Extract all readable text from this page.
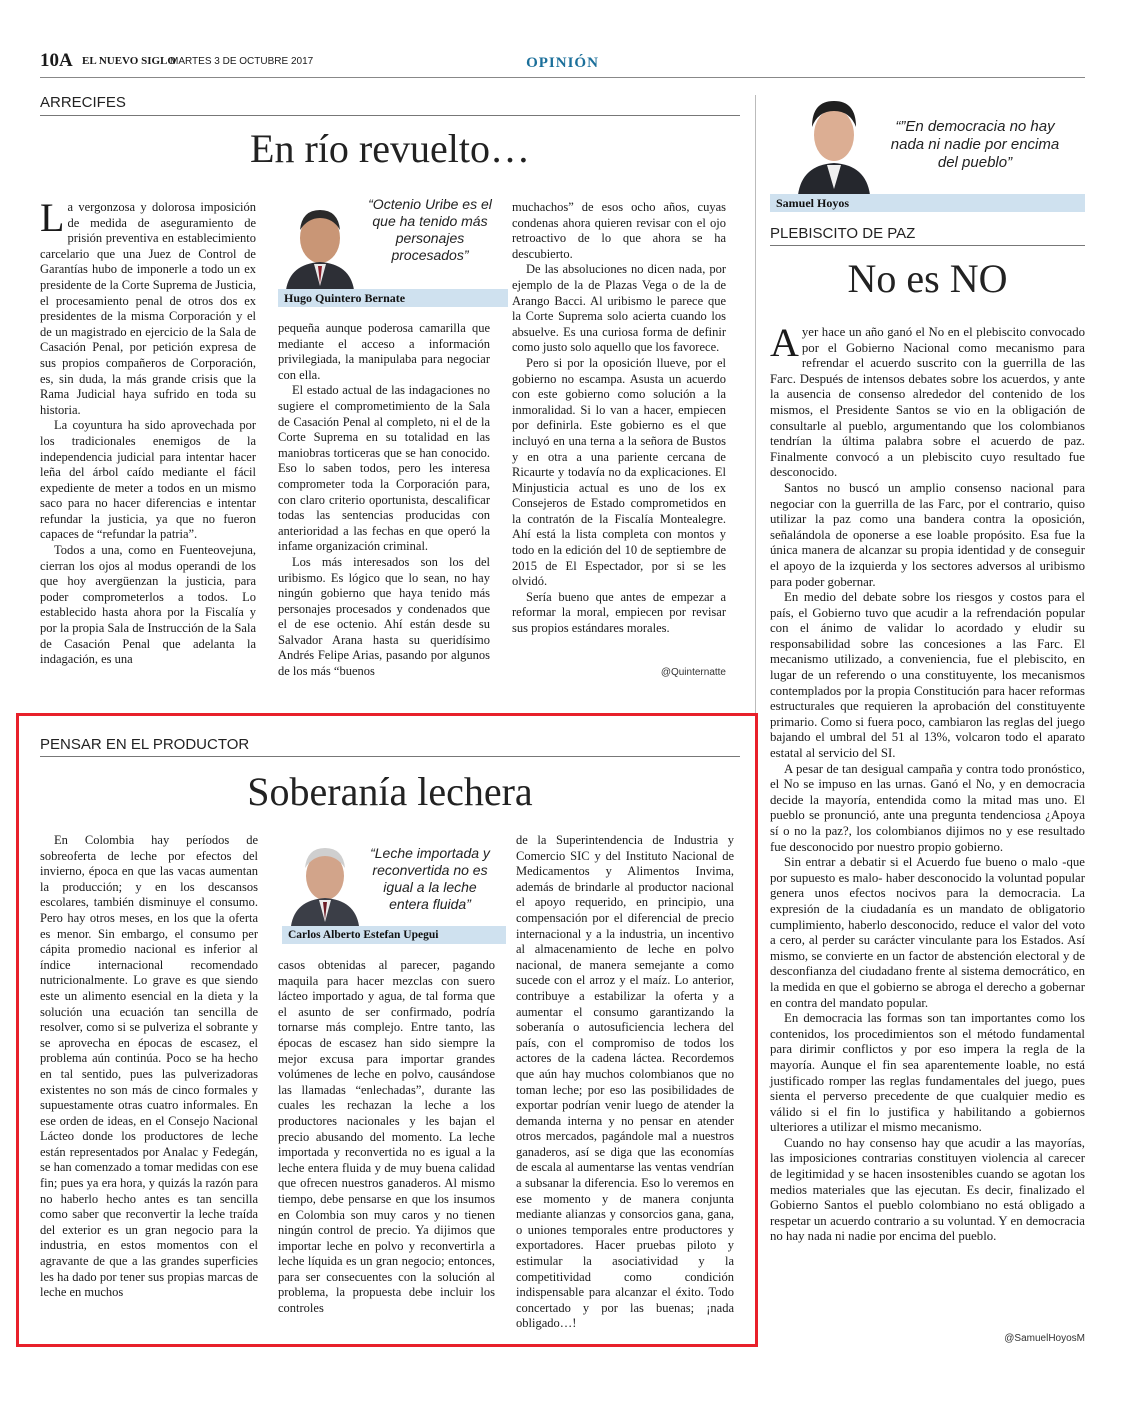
10A EL NUEVO SIGLO
MARTES 3 DE OCTUBRE 2017	OPINIÓN
ARRECIFES
En río revuelto…

La vergonzosa y dolorosa imposición de medida de aseguramiento de prisión preventiva en establecimiento carcelario que una Juez de Control de Garantías hubo de imponerle a todo un ex presidente de la Corte Suprema de Justicia, el procesamiento penal de otros dos ex presidentes de la misma Corporación y el de un magistrado en ejercicio de la Sala de Casación Penal, por petición expresa de sus propios compañeros de Corporación, es, sin duda, la más grande crisis que la Rama Judicial haya sufrido en toda su historia.

La coyuntura ha sido aprovechada por los tradicionales enemigos de la independencia judicial para intentar hacer leña del árbol caído mediante el fácil expediente de meter a todos en un mismo saco para no hacer diferencias e intentar refundar la justicia, ya que no fueron capaces de “refundar la patria”.

Todos a una, como en Fuenteovejuna, cierran los ojos al modus operandi de los que hoy avergüenzan la justicia, para poder comprometerlos a todos. Lo establecido hasta ahora por la Fiscalía y por la propia Sala de Instrucción de la Sala de Casación Penal que adelanta la indagación, es una

“Octenio Uribe es el que ha tenido más personajes procesados”
Hugo Quintero Bernate

pequeña aunque poderosa camarilla que mediante el acceso a información privilegiada, la manipulaba para negociar con ella.

El estado actual de las indagaciones no sugiere el comprometimiento de la Sala de Casación Penal al completo, ni el de la Corte Suprema en su totalidad en las maniobras torticeras que se han conocido. Eso lo saben todos, pero les interesa comprometer toda la Corporación para, con claro criterio oportunista, descalificar todas las sentencias producidas con anterioridad a las fechas en que operó la infame organización criminal.

Los más interesados son los del uribismo. Es lógico que lo sean, no hay ningún gobierno que haya tenido más personajes procesados y condenados que el de ese octenio. Ahí están desde su Salvador Arana hasta su queridísimo Andrés Felipe Arias, pasando por algunos de los más “buenos

muchachos” de esos ocho años, cuyas condenas ahora quieren revisar con el ojo retroactivo de lo que ahora se ha descubierto.

De las absoluciones no dicen nada, por ejemplo de la de Plazas Vega o de la de Arango Bacci. Al uribismo le parece que la Corte Suprema solo acierta cuando los absuelve. Es una curiosa forma de definir como justo solo aquello que los favorece.

Pero si por la oposición llueve, por el gobierno no escampa. Asusta un acuerdo con este gobierno como solución a la inmoralidad. Si lo van a hacer, empiecen por definirla. Este gobierno es el que incluyó en una terna a la señora de Bustos y en otra a una pariente cercana de Ricaurte y todavía no da explicaciones. El Minjusticia actual es uno de los ex Consejeros de Estado comprometidos en la contratón de la Fiscalía Montealegre. Ahí está la lista completa con montos y todo en la edición del 10 de septiembre de 2015 de El Espectador, por si se les olvidó.

Sería bueno que antes de empezar a reformar la moral, empiecen por revisar sus propios estándares morales.

@Quinternatte
PENSAR EN EL PRODUCTOR
Soberanía lechera

En Colombia hay períodos de sobreoferta de leche por efectos del invierno, época en que las vacas aumentan la producción; y en los descansos escolares, también disminuye el consumo. Pero hay otros meses, en los que la oferta es menor. Sin embargo, el consumo per cápita promedio nacional es inferior al índice internacional recomendado nutricionalmente. Lo grave es que siendo este un alimento esencial en la dieta y la solución una ecuación tan sencilla de resolver, como si se pulveriza el sobrante y se aprovecha en épocas de escasez, el problema aún continúa. Poco se ha hecho en tal sentido, pues las pulverizadoras existentes no son más de cinco formales y supuestamente otras cuatro informales. En ese orden de ideas, en el Consejo Nacional Lácteo donde los productores de leche están representados por Analac y Fedegán, se han comenzado a tomar medidas con ese fin; pues ya era hora, y quizás la razón para no haberlo hecho antes es tan sencilla como saber que reconvertir la leche traída del exterior es un gran negocio para la industria, en estos momentos con el agravante de que a las grandes superficies les ha dado por tener sus propias marcas de leche en muchos

“Leche importada y reconvertida no es igual a la leche entera fluida”
Carlos Alberto Estefan Upegui

casos obtenidas al parecer, pagando maquila para hacer mezclas con suero lácteo importado y agua, de tal forma que el asunto de ser confirmado, podría tornarse más complejo. Entre tanto, las épocas de escasez han sido siempre la mejor excusa para importar grandes volúmenes de leche en polvo, causándose las llamadas “enlechadas”, durante las cuales les rechazan la leche a los productores nacionales y les bajan el precio abusando del momento. La leche importada y reconvertida no es igual a la leche entera fluida y de muy buena calidad que ofrecen nuestros ganaderos. Al mismo tiempo, debe pensarse en que los insumos en Colombia son muy caros y no tienen ningún control de precio. Ya dijimos que importar leche en polvo y reconvertirla a leche líquida es un gran negocio; entonces, para ser consecuentes con la solución al problema, la propuesta debe incluir los controles

de la Superintendencia de Industria y Comercio SIC y del Instituto Nacional de Medicamentos y Alimentos Invima, además de brindarle al productor nacional el apoyo requerido, en principio, una compensación por el diferencial de precio internacional y a la industria, un incentivo al almacenamiento de leche en polvo nacional, de manera semejante a como sucede con el arroz y el maíz. Lo anterior, contribuye a estabilizar la oferta y a aumentar el consumo garantizando la soberanía o autosuficiencia lechera del país, con el compromiso de todos los actores de la cadena láctea. Recordemos que aún hay muchos colombianos que no toman leche; por eso las posibilidades de exportar podrían venir luego de atender la demanda interna y no pensar en atender otros mercados, pagándole mal a nuestros ganaderos, así se diga que las economías de escala al aumentarse las ventas vendrían a subsanar la diferencia. Eso lo veremos en ese momento y de manera conjunta mediante alianzas y consorcios gana, gana, o uniones temporales entre productores y exportadores. Hacer pruebas piloto y estimular la asociatividad y la competitividad como condición indispensable para alcanzar el éxito. Todo concertado y por las buenas; ¡nada obligado…!

“”En democracia no hay nada ni nadie por encima del pueblo”
Samuel Hoyos
PLEBISCITO DE PAZ
No es NO

Ayer hace un año ganó el No en el plebiscito convocado por el Gobierno Nacional como mecanismo para refrendar el acuerdo suscrito con la guerrilla de las Farc. Después de intensos debates sobre los acuerdos, y ante la ausencia de consenso alrededor del contenido de los mismos, el Presidente Santos se vio en la obligación de consultarle al pueblo, argumentando que los colombianos tendrían la última palabra sobre el acuerdo de paz. Finalmente convocó a un plebiscito cuyo resultado fue desconocido.

Santos no buscó un amplio consenso nacional para negociar con la guerrilla de las Farc, por el contrario, quiso utilizar la paz como una bandera contra la oposición, señalándola de oponerse a ese loable propósito. Esa fue la única manera de alcanzar su propia identidad y de conseguir el apoyo de la izquierda y los sectores adversos al uribismo para poder gobernar.

En medio del debate sobre los riesgos y costos para el país, el Gobierno tuvo que acudir a la refrendación popular con el ánimo de validar lo acordado y eludir su responsabilidad sobre las concesiones a las Farc. El mecanismo utilizado, a conveniencia, fue el plebiscito, en lugar de un referendo o una constituyente, los mecanismos contemplados por la propia Constitución para hacer reformas estructurales que requieren la aprobación del constituyente primario. Como si fuera poco, cambiaron las reglas del juego bajando el umbral del 51 al 13%, volcaron todo el aparato estatal al servicio del SI.

A pesar de tan desigual campaña y contra todo pronóstico, el No se impuso en las urnas. Ganó el No, y en democracia decide la mayoría, entendida como la mitad mas uno. El pueblo se pronunció, ante una pregunta tendenciosa ¿Apoya sí o no la paz?, los colombianos dijimos no y ese resultado fue desconocido por nuestro propio gobierno.

Sin entrar a debatir si el Acuerdo fue bueno o malo -que por supuesto es malo- haber desconocido la voluntad popular genera unos efectos nocivos para la democracia. La expresión de la ciudadanía es un mandato de obligatorio cumplimiento, haberlo desconocido, reduce el valor del voto a cero, al perder su carácter vinculante para los Estados. Así mismo, se convierte en un factor de abstención electoral y de desconfianza del ciudadano frente al sistema democrático, en la medida en que el gobierno se abroga el derecho a gobernar en contra del mandato popular.

En democracia las formas son tan importantes como los contenidos, los procedimientos son el método fundamental para dirimir conflictos y por eso impera la regla de la mayoría. Aunque el fin sea aparentemente loable, no está justificado romper las reglas fundamentales del juego, pues sienta el perverso precedente de que cualquier medio es válido si el fin lo justifica y habilitando a gobiernos ulteriores a utilizar el mismo mecanismo.

Cuando no hay consenso hay que acudir a las mayorías, las imposiciones contrarias constituyen violencia al carecer de legitimidad y se hacen insostenibles cuando se agotan los medios materiales que las ejecutan. Es decir, finalizado el Gobierno Santos el pueblo colombiano no está obligado a respetar un acuerdo contrario a su voluntad. Y en democracia no hay nada ni nadie por encima del pueblo.

@SamuelHoyosM
